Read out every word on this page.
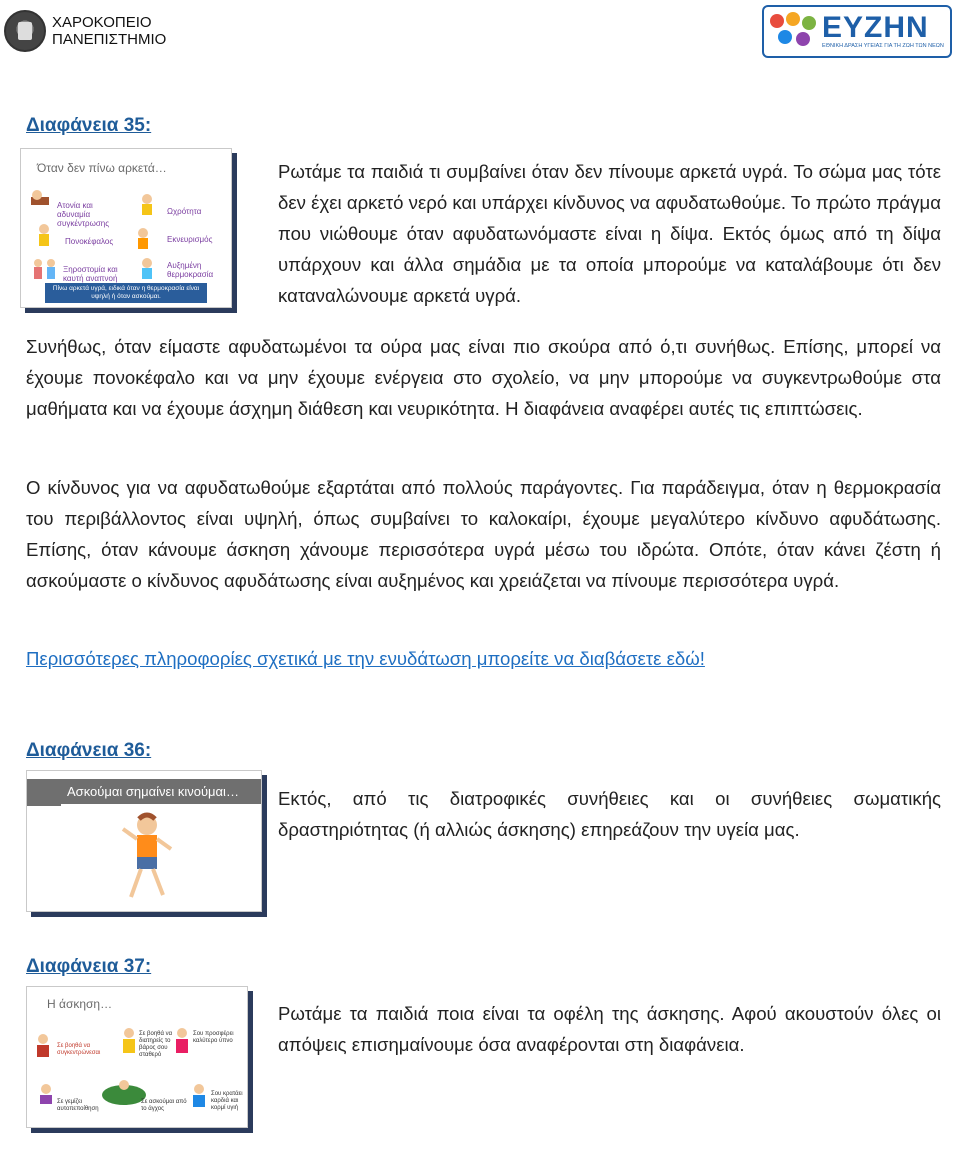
ΧΑΡΟΚΟΠΕΙΟ
ΠΑΝΕΠΙΣΤΗΜΙΟ	ΕΥΖΗΝ
ΕΘΝΙΚΗ ΔΡΑΣΗ ΥΓΕΙΑΣ ΓΙΑ ΤΗ ΖΩΗ ΤΩΝ ΝΕΩΝ
Διαφάνεια 35:
Όταν δεν πίνω αρκετά…
Ατονία και αδυναμία συγκέντρωσης
Πονοκέφαλος
Ξηροστομία και καυτή αναπνοή
Ωχρότητα
Εκνευρισμός
Αυξημένη θερμοκρασία
Πίνω αρκετά υγρά, ειδικά όταν η θερμοκρασία είναι υψηλή ή όταν ασκούμαι.
Ρωτάμε τα παιδιά τι συμβαίνει όταν δεν πίνουμε αρκετά υγρά. Το σώμα μας τότε δεν έχει αρκετό νερό και υπάρχει κίνδυνος να αφυδατωθούμε. Το πρώτο πράγμα που νιώθουμε όταν αφυδατωνόμαστε είναι η δίψα. Εκτός όμως από τη δίψα υπάρχουν και άλλα σημάδια με τα οποία μπορούμε να καταλάβουμε ότι δεν καταναλώνουμε αρκετά υγρά.
Συνήθως, όταν είμαστε αφυδατωμένοι τα ούρα μας είναι πιο σκούρα από ό,τι συνήθως. Επίσης, μπορεί να έχουμε πονοκέφαλο και να μην έχουμε ενέργεια στο σχολείο, να μην μπορούμε να συγκεντρωθούμε στα μαθήματα και να έχουμε άσχημη διάθεση και νευρικότητα. Η διαφάνεια αναφέρει αυτές τις επιπτώσεις.
Ο κίνδυνος για να αφυδατωθούμε εξαρτάται από πολλούς παράγοντες. Για παράδειγμα, όταν η θερμοκρασία του περιβάλλοντος είναι υψηλή, όπως συμβαίνει το καλοκαίρι, έχουμε μεγαλύτερο κίνδυνο αφυδάτωσης. Επίσης, όταν κάνουμε άσκηση χάνουμε περισσότερα υγρά μέσω του ιδρώτα. Οπότε, όταν κάνει ζέστη ή ασκούμαστε ο κίνδυνος αφυδάτωσης είναι αυξημένος και χρειάζεται να πίνουμε περισσότερα υγρά.
Περισσότερες πληροφορίες σχετικά με την ενυδάτωση μπορείτε να διαβάσετε εδώ!
Διαφάνεια 36:
Ασκούμαι σημαίνει κινούμαι…	Εκτός, από τις διατροφικές συνήθειες και οι συνήθειες σωματικής δραστηριότητας (ή αλλιώς άσκησης) επηρεάζουν την υγεία μας.
Διαφάνεια 37:
Η άσκηση…
Σε βοηθά να συγκεντρώνεσαι
Σε βοηθά να διατηρείς το βάρος σου σταθερό
Σου προσφέρει καλύτερο ύπνο
Σε γεμίζει αυτοπεποίθηση
Σε ασκούμαι από το άγχος
Σου κρατάει καρδιά και κορμί υγιή
Ρωτάμε τα παιδιά ποια είναι τα οφέλη της άσκησης. Αφού ακουστούν όλες οι απόψεις επισημαίνουμε όσα αναφέρονται στη διαφάνεια.
